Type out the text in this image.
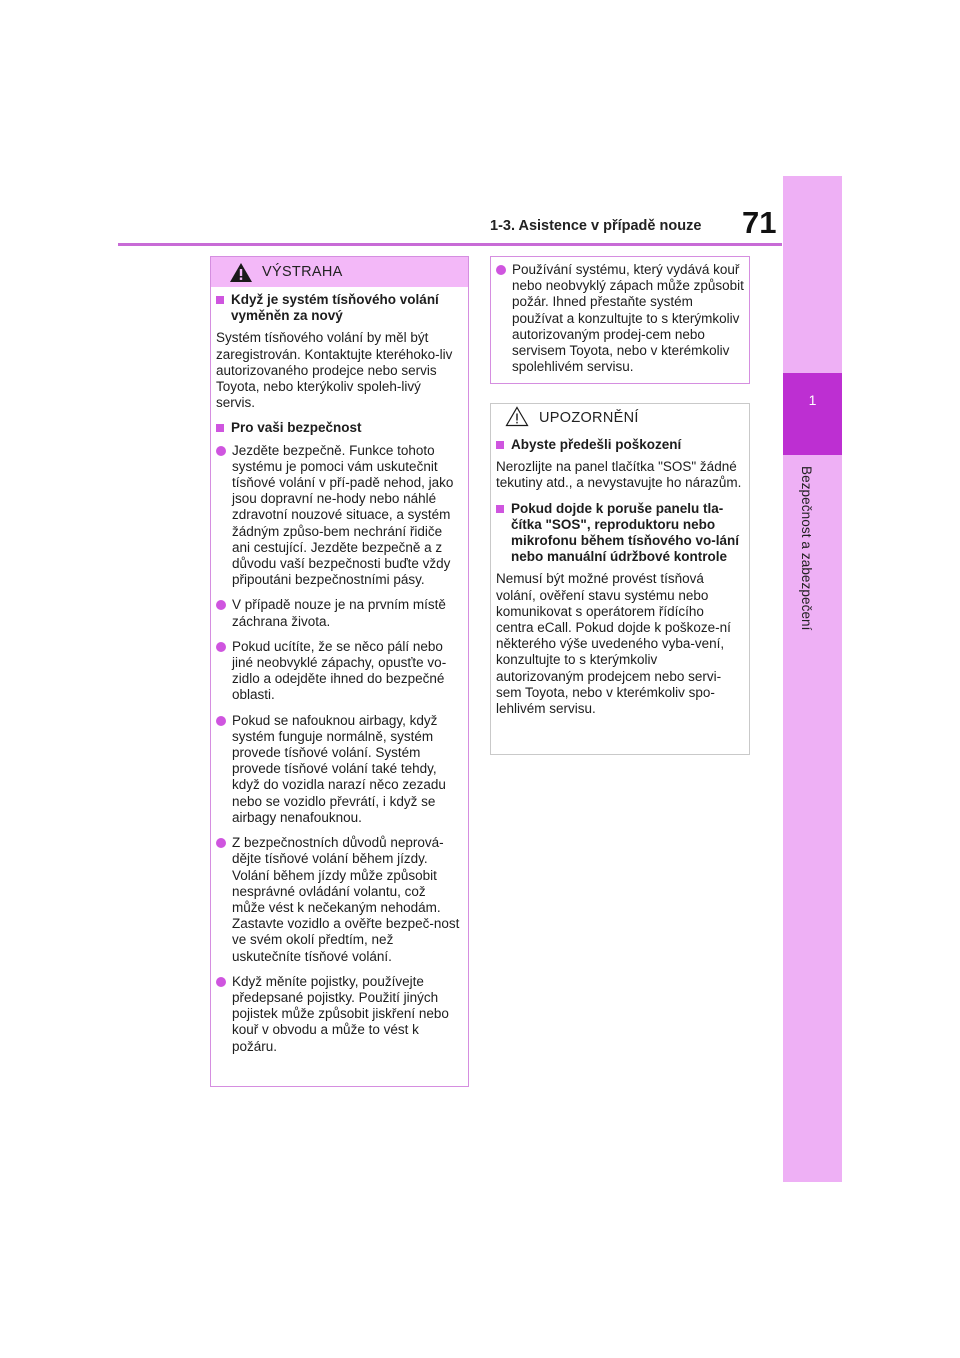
1-3. Asistence v případě nouze 71
1
Bezpečnost a zabezpečení
VÝSTRAHA
Když je systém tísňového volání vyměněn za nový

Systém tísňového volání by měl být zaregistrován. Kontaktujte kteréhoko-liv autorizovaného prodejce nebo servis Toyota, nebo kterýkoliv spoleh-livý servis.

Pro vaši bezpečnost
Jezděte bezpečně. Funkce tohoto systému je pomoci vám uskutečnit tísňové volání v pří-padě nehod, jako jsou dopravní ne-hody nebo náhlé zdravotní nouzové situace, a systém žádným způso-bem nechrání řidiče ani cestující. Jezděte bezpečně a z důvodu vaší bezpečnosti buďte vždy připoutáni bezpečnostními pásy.
V případě nouze je na prvním místě záchrana života.
Pokud ucítíte, že se něco pálí nebo jiné neobvyklé zápachy, opusťte vo-zidlo a odejděte ihned do bezpečné oblasti.
Pokud se nafouknou airbagy, když systém funguje normálně, systém provede tísňové volání. Systém provede tísňové volání také tehdy, když do vozidla narazí něco zezadu nebo se vozidlo převrátí, i když se airbagy nenafouknou.
Z bezpečnostních důvodů neprová-dějte tísňové volání během jízdy. Volání během jízdy může způsobit nesprávné ovládání volantu, což může vést k nečekaným nehodám. Zastavte vozidlo a ověřte bezpeč-nost ve svém okolí předtím, než uskutečníte tísňové volání.
Když měníte pojistky, používejte předepsané pojistky. Použití jiných pojistek může způsobit jiskření nebo kouř v obvodu a může to vést k požáru.
Používání systému, který vydává kouř nebo neobvyklý zápach může způsobit požár. Ihned přestaňte systém používat a konzultujte to s kterýmkoliv autorizovaným prodej-cem nebo servisem Toyota, nebo v kterémkoliv spolehlivém servisu.
UPOZORNĚNÍ
Abyste předešli poškození

Nerozlijte na panel tlačítka "SOS" žádné tekutiny atd., a nevystavujte ho nárazům.

Pokud dojde k poruše panelu tla-čítka "SOS", reproduktoru nebo mikrofonu během tísňového vo-lání nebo manuální údržbové kontrole

Nemusí být možné provést tísňová volání, ověření stavu systému nebo komunikovat s operátorem řídícího centra eCall. Pokud dojde k poškoze-ní některého výše uvedeného vyba-vení, konzultujte to s kterýmkoliv autorizovaným prodejcem nebo servi-sem Toyota, nebo v kterémkoliv spo-lehlivém servisu.
